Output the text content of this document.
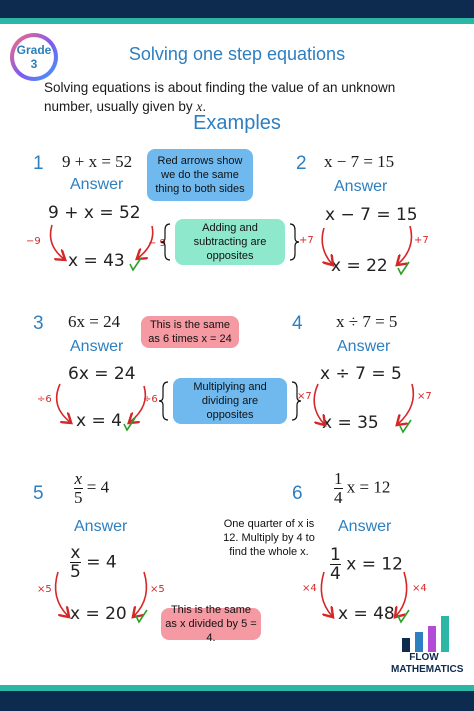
Grade
3	Solving one step equations
Solving equations is about finding the value of an unknown number, usually given by x.
Examples
1 9 + x = 52
Answer
9 + x = 52
x = 43
−9	− 9
2 x − 7 = 15
Answer
x − 7 = 15
x = 22
+7	+7
3 6x = 24
Answer
6x = 24
x = 4
÷6	÷6
4 x ÷ 7 = 5
Answer
x ÷ 7 = 5
x = 35
×7	×7
$5 \frac{x}{5} = 4$
Answer
$\frac{x}{5} = 4$
x = 20
×5	×5
$6 \frac{1}{4}$ x = 12
Answer
$\frac{1}{4}$ x = 12
x = 48
×4	×4
Red arrows show we do the same thing to both sides
Adding and subtracting are opposites
This is the same as 6 times x = 24
Multiplying and dividing are opposites
One quarter of x is 12. Multiply by 4 to find the whole x.
This is the same as x divided by 5 = 4.
FLOW
MATHEMATICS
